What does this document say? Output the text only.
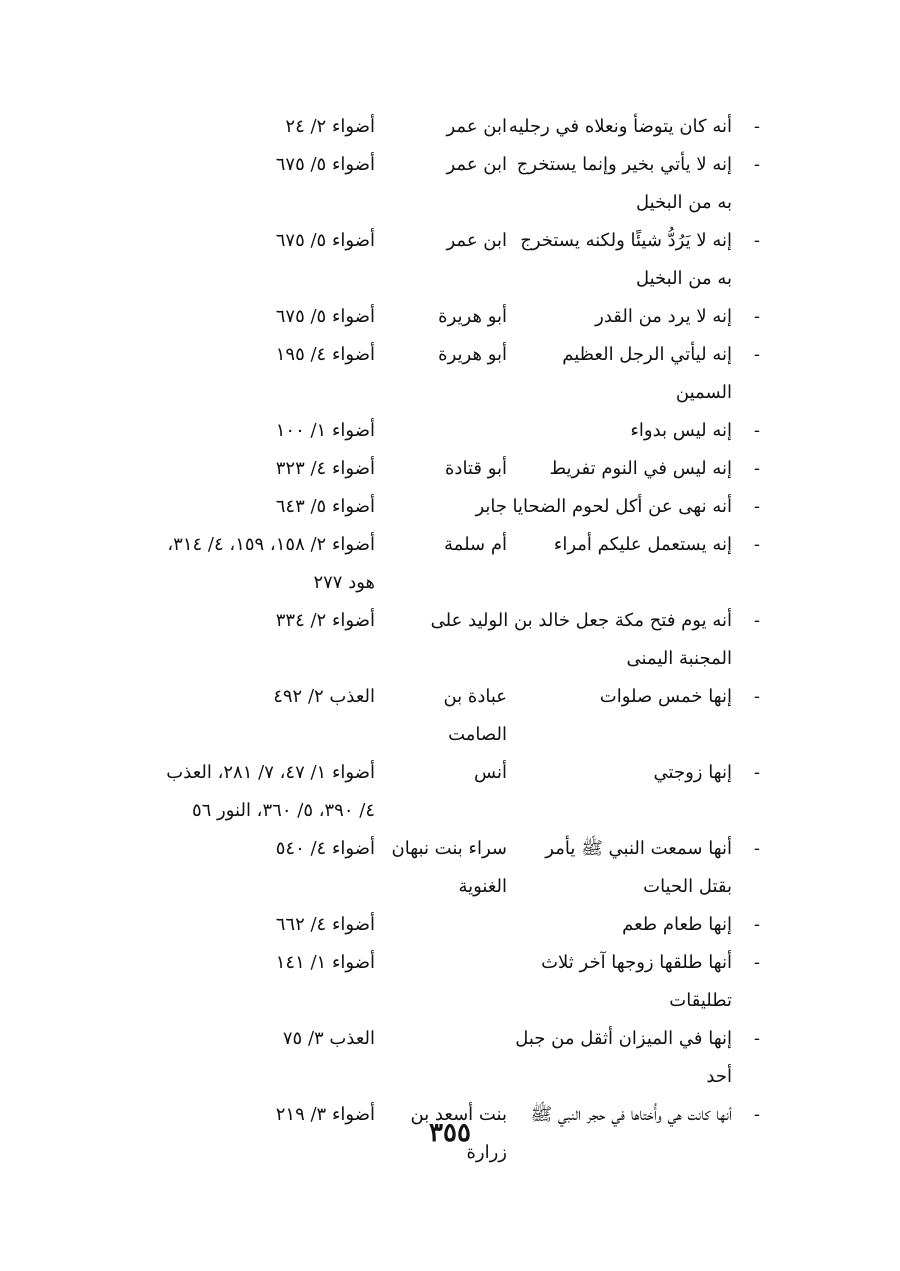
-
أنه كان يتوضأ ونعلاه في رجليه
ابن عمر
أضواء ٢/ ٢٤
-
إنه لا يأتي بخير وإنما يستخرج به من البخيل
ابن عمر
أضواء ٥/ ٦٧٥
-
إنه لا يَرُدُّ شيئًا ولكنه يستخرج به من البخيل
ابن عمر
أضواء ٥/ ٦٧٥
-
إنه لا يرد من القدر
أبو هريرة
أضواء ٥/ ٦٧٥
-
إنه ليأتي الرجل العظيم السمين
أبو هريرة
أضواء ٤/ ١٩٥
-
إنه ليس بدواء
أضواء ١/ ١٠٠
-
إنه ليس في النوم تفريط
أبو قتادة
أضواء ٤/ ٣٢٣
-
أنه نهى عن أكل لحوم الضحايا
جابر
أضواء ٥/ ٦٤٣
-
إنه يستعمل عليكم أمراء
أم سلمة
أضواء ٢/ ١٥٨، ١٥٩، ٤/ ٣١٤، هود ٢٧٧
-
أنه يوم فتح مكة جعل خالد بن الوليد على المجنبة اليمنى
أضواء ٢/ ٣٣٤
-
إنها خمس صلوات
عبادة بن الصامت
العذب ٢/ ٤٩٢
-
إنها زوجتي
أنس
أضواء ١/ ٤٧، ٧/ ٢٨١، العذب ٤/ ٣٩٠، ٥/ ٣٦٠، النور ٥٦
-
أنها سمعت النبي ﷺ يأمر بقتل الحيات
سراء بنت نبهان الغنوية
أضواء ٤/ ٥٤٠
-
إنها طعام طعم
أضواء ٤/ ٦٦٢
-
أنها طلقها زوجها آخر ثلاث تطليقات
أضواء ١/ ١٤١
-
إنها في الميزان أثقل من جبل أحد
العذب ٣/ ٧٥
-
أنها كانت هي وأُختاها في حجر النبي ﷺ
بنت أسعد بن زرارة
أضواء ٣/ ٢١٩
٣٥٥
